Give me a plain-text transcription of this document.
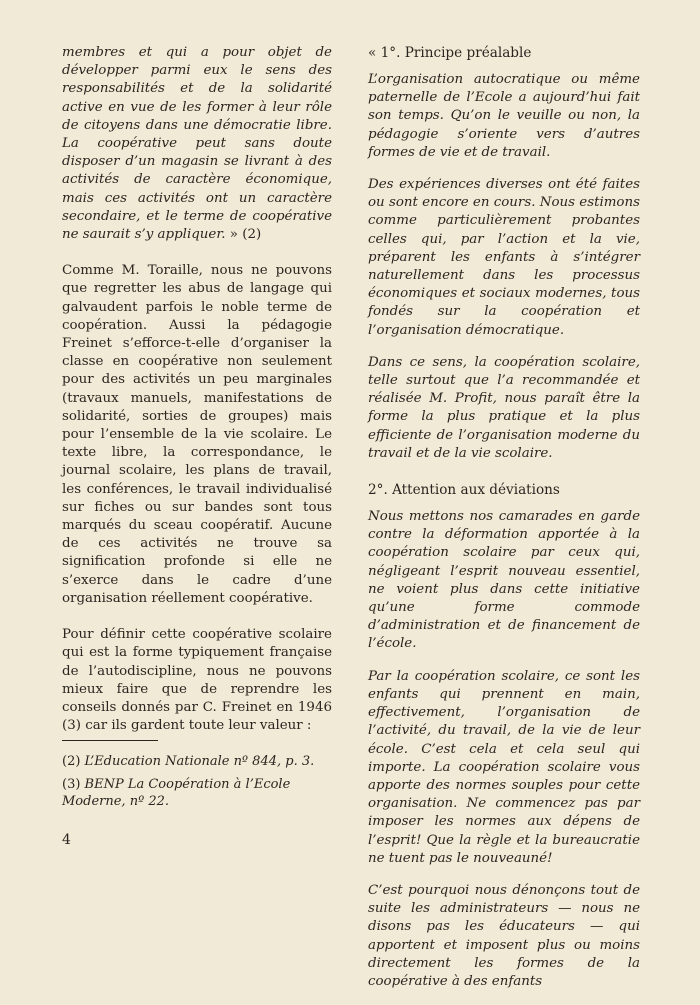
membres et qui a pour objet de développer parmi eux le sens des responsabilités et de la solidarité active en vue de les former à leur rôle de citoyens dans une démocratie libre. La coopérative peut sans doute disposer d’un magasin se livrant à des activités de caractère économique, mais ces activités ont un caractère secondaire, et le terme de coopérative ne saurait s’y appliquer. » (2)

Comme M. Toraille, nous ne pouvons que regretter les abus de langage qui galvaudent parfois le noble terme de coopération. Aussi la pédagogie Freinet s’efforce-t-elle d’organiser la classe en coopérative non seulement pour des activités un peu marginales (travaux manuels, manifestations de solidarité, sorties de groupes) mais pour l’ensemble de la vie scolaire. Le texte libre, la correspondance, le journal scolaire, les plans de travail, les conférences, le travail individualisé sur fiches ou sur bandes sont tous marqués du sceau coopératif. Aucune de ces activités ne trouve sa signification profonde si elle ne s’exerce dans le cadre d’une organisation réellement coopérative.

Pour définir cette coopérative scolaire qui est la forme typiquement française de l’autodiscipline, nous ne pouvons mieux faire que de reprendre les conseils donnés par C. Freinet en 1946 (3) car ils gardent toute leur valeur :

« 1°. Principe préalable

L’organisation autocratique ou même paternelle de l’Ecole a aujourd’hui fait son temps. Qu’on le veuille ou non, la pédagogie s’oriente vers d’autres formes de vie et de travail.

Des expériences diverses ont été faites ou sont encore en cours. Nous estimons comme particulièrement probantes celles qui, par l’action et la vie, préparent les enfants à s’intégrer naturellement dans les processus économiques et sociaux modernes, tous fondés sur la coopération et l’organisation démocratique.

Dans ce sens, la coopération scolaire, telle surtout que l’a recommandée et réalisée M. Profit, nous paraît être la forme la plus pratique et la plus efficiente de l’organisation moderne du travail et de la vie scolaire.

2°. Attention aux déviations

Nous mettons nos camarades en garde contre la déformation apportée à la coopération scolaire par ceux qui, négligeant l’esprit nouveau essentiel, ne voient plus dans cette initiative qu’une forme commode d’administration et de financement de l’école.

Par la coopération scolaire, ce sont les enfants qui prennent en main, effectivement, l’organisation de l’activité, du travail, de la vie de leur école. C’est cela et cela seul qui importe. La coopération scolaire vous apporte des normes souples pour cette organisation. Ne commencez pas par imposer les normes aux dépens de l’esprit! Que la règle et la bureaucratie ne tuent pas le nouveauné!

C’est pourquoi nous dénonçons tout de suite les administrateurs — nous ne disons pas les éducateurs — qui apportent et imposent plus ou moins directement les formes de la coopérative à des enfants

(2) L’Education Nationale nº 844, p. 3.

(3) BENP La Coopération à l’Ecole Moderne, nº 22.

4
